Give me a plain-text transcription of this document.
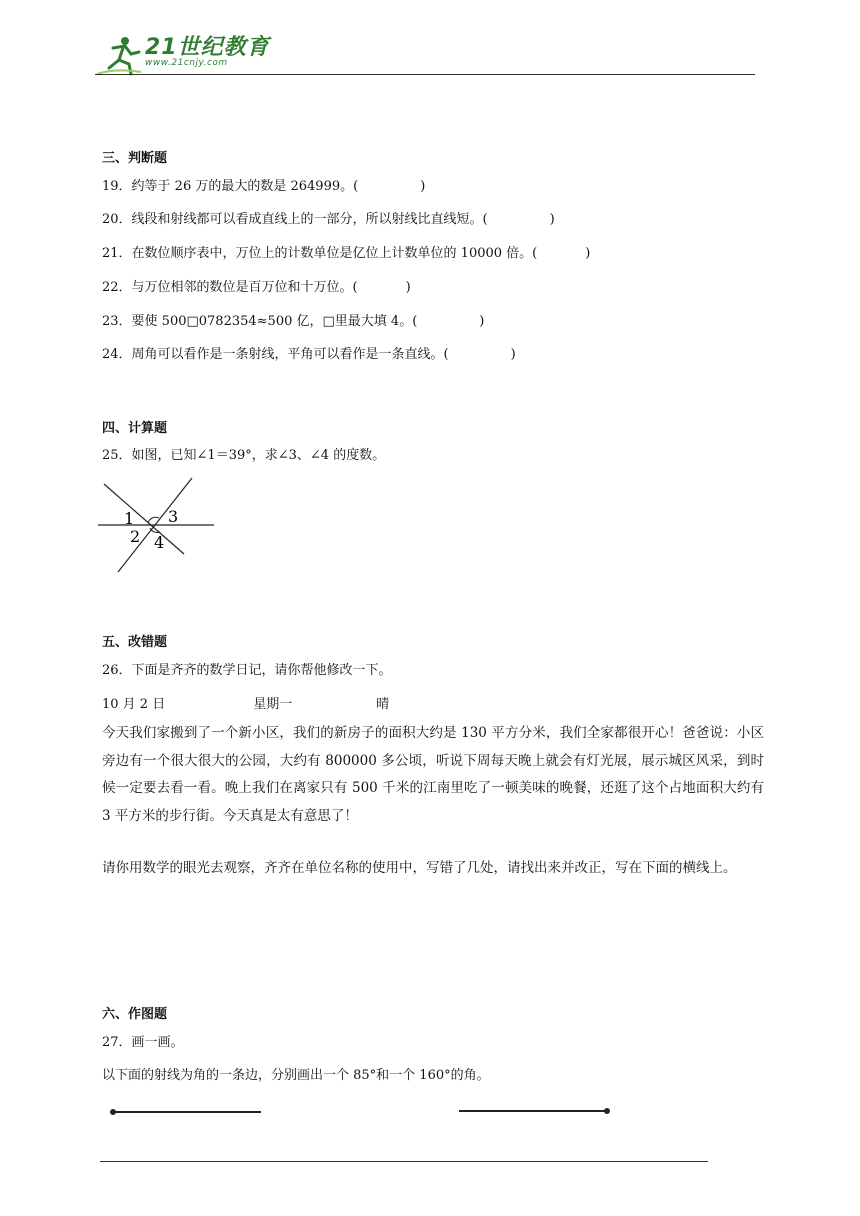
21世纪教育
www.21cnjy.com
三、判断题
19．约等于 26 万的最大的数是 264999。(	)
20．线段和射线都可以看成直线上的一部分，所以射线比直线短。(	)
21．在数位顺序表中，万位上的计数单位是亿位上计数单位的 10000 倍。(	)
22．与万位相邻的数位是百万位和十万位。(	)
23．要使 500□0782354≈500 亿，□里最大填 4。(	)
24．周角可以看作是一条射线，平角可以看作是一条直线。(	)
四、计算题
25．如图，已知∠1＝39°，求∠3、∠4 的度数。
1
2
3
4
五、改错题
26．下面是齐齐的数学日记，请你帮他修改一下。
10 月 2 日	星期一	晴
今天我们家搬到了一个新小区，我们的新房子的面积大约是 130 平方分米，我们全家都很开心！爸爸说：小区旁边有一个很大很大的公园，大约有 800000 多公顷，听说下周每天晚上就会有灯光展，展示城区风采，到时候一定要去看一看。晚上我们在离家只有 500 千米的江南里吃了一顿美味的晚餐，还逛了这个占地面积大约有 3 平方米的步行街。今天真是太有意思了！
请你用数学的眼光去观察，齐齐在单位名称的使用中，写错了几处，请找出来并改正，写在下面的横线上。
六、作图题
27．画一画。
以下面的射线为角的一条边，分别画出一个 85°和一个 160°的角。
